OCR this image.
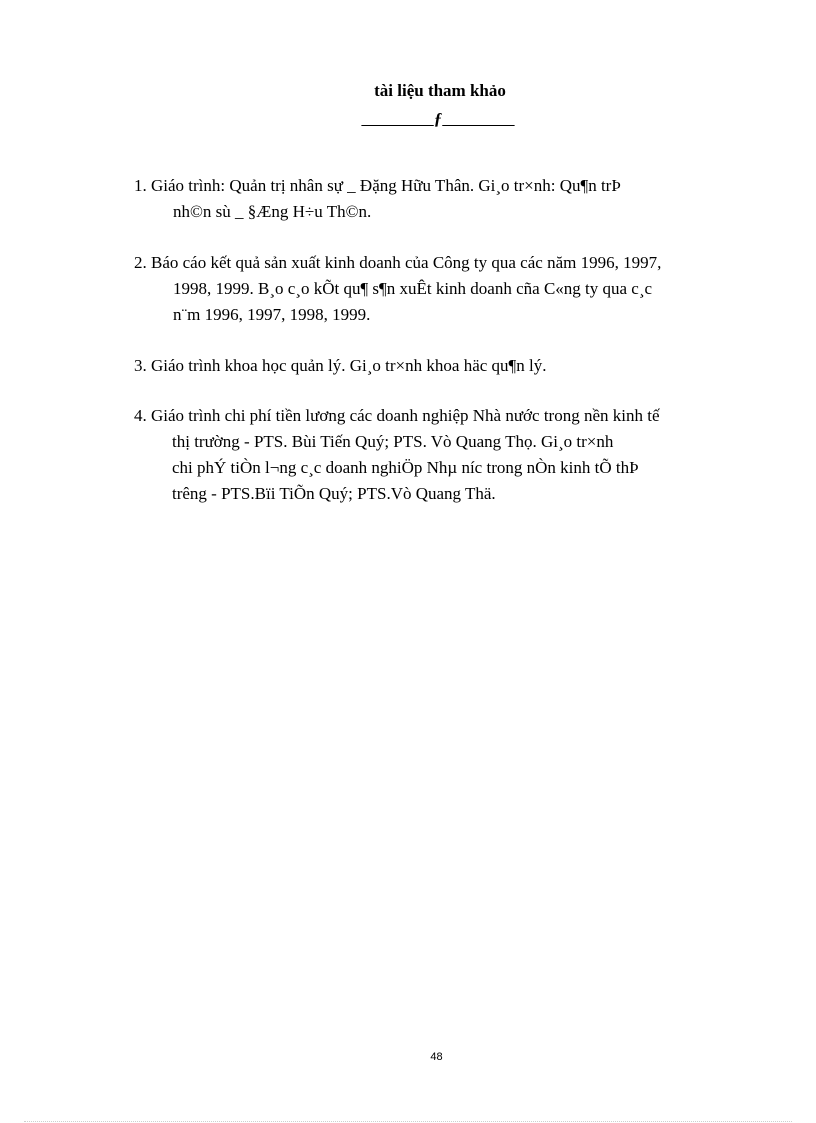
tài liệu tham khảo
________ ƒ ________
1. Giáo trình: Quản trị nhân sự _ Đặng Hữu Thân. Gi¸o tr×nh: Qu¶n trÞ
nh©n sù _ §Æng H÷u Th©n.
2. Báo cáo kết quả sản xuất kinh doanh của Công ty qua các năm 1996, 1997,
1998, 1999. B¸o c¸o kÕt qu¶ s¶n xuÊt kinh doanh cña C«ng ty qua c¸c
n¨m 1996, 1997, 1998, 1999.
3. Giáo trình khoa học quản lý. Gi¸o tr×nh khoa häc qu¶n lý.
4. Giáo trình chi phí tiền lương các doanh nghiệp Nhà nước trong nền kinh tế
thị trường - PTS. Bùi Tiến Quý; PTS. Vò Quang Thọ. Gi¸o tr×nh
chi phÝ tiÒn l¬ng c¸c doanh nghiÖp Nhµ níc trong nÒn kinh tÕ thÞ
trêng - PTS.Bïi TiÕn Quý; PTS.Vò Quang Thä.
48
